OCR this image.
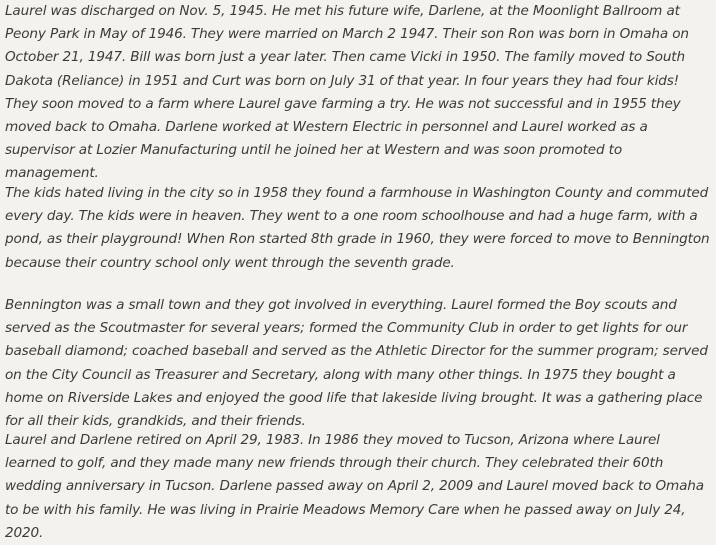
Laurel was discharged on Nov. 5, 1945. He met his future wife, Darlene, at the Moonlight Ballroom at Peony Park in May of 1946. They were married on March 2 1947. Their son Ron was born in Omaha on October 21, 1947. Bill was born just a year later. Then came Vicki in 1950. The family moved to South Dakota (Reliance) in 1951 and Curt was born on July 31 of that year. In four years they had four kids! They soon moved to a farm where Laurel gave farming a try. He was not successful and in 1955 they moved back to Omaha. Darlene worked at Western Electric in personnel and Laurel worked as a supervisor at Lozier Manufacturing until he joined her at Western and was soon promoted to management.

The kids hated living in the city so in 1958 they found a farmhouse in Washington County and commuted every day. The kids were in heaven. They went to a one room schoolhouse and had a huge farm, with a pond, as their playground! When Ron started 8th grade in 1960, they were forced to move to Bennington because their country school only went through the seventh grade.

Bennington was a small town and they got involved in everything. Laurel formed the Boy scouts and served as the Scoutmaster for several years; formed the Community Club in order to get lights for our baseball diamond; coached baseball and served as the Athletic Director for the summer program; served on the City Council as Treasurer and Secretary, along with many other things. In 1975 they bought a home on Riverside Lakes and enjoyed the good life that lakeside living brought. It was a gathering place for all their kids, grandkids, and their friends.

Laurel and Darlene retired on April 29, 1983. In 1986 they moved to Tucson, Arizona where Laurel learned to golf, and they made many new friends through their church. They celebrated their 60th wedding anniversary in Tucson. Darlene passed away on April 2, 2009 and Laurel moved back to Omaha to be with his family. He was living in Prairie Meadows Memory Care when he passed away on July 24, 2020.
